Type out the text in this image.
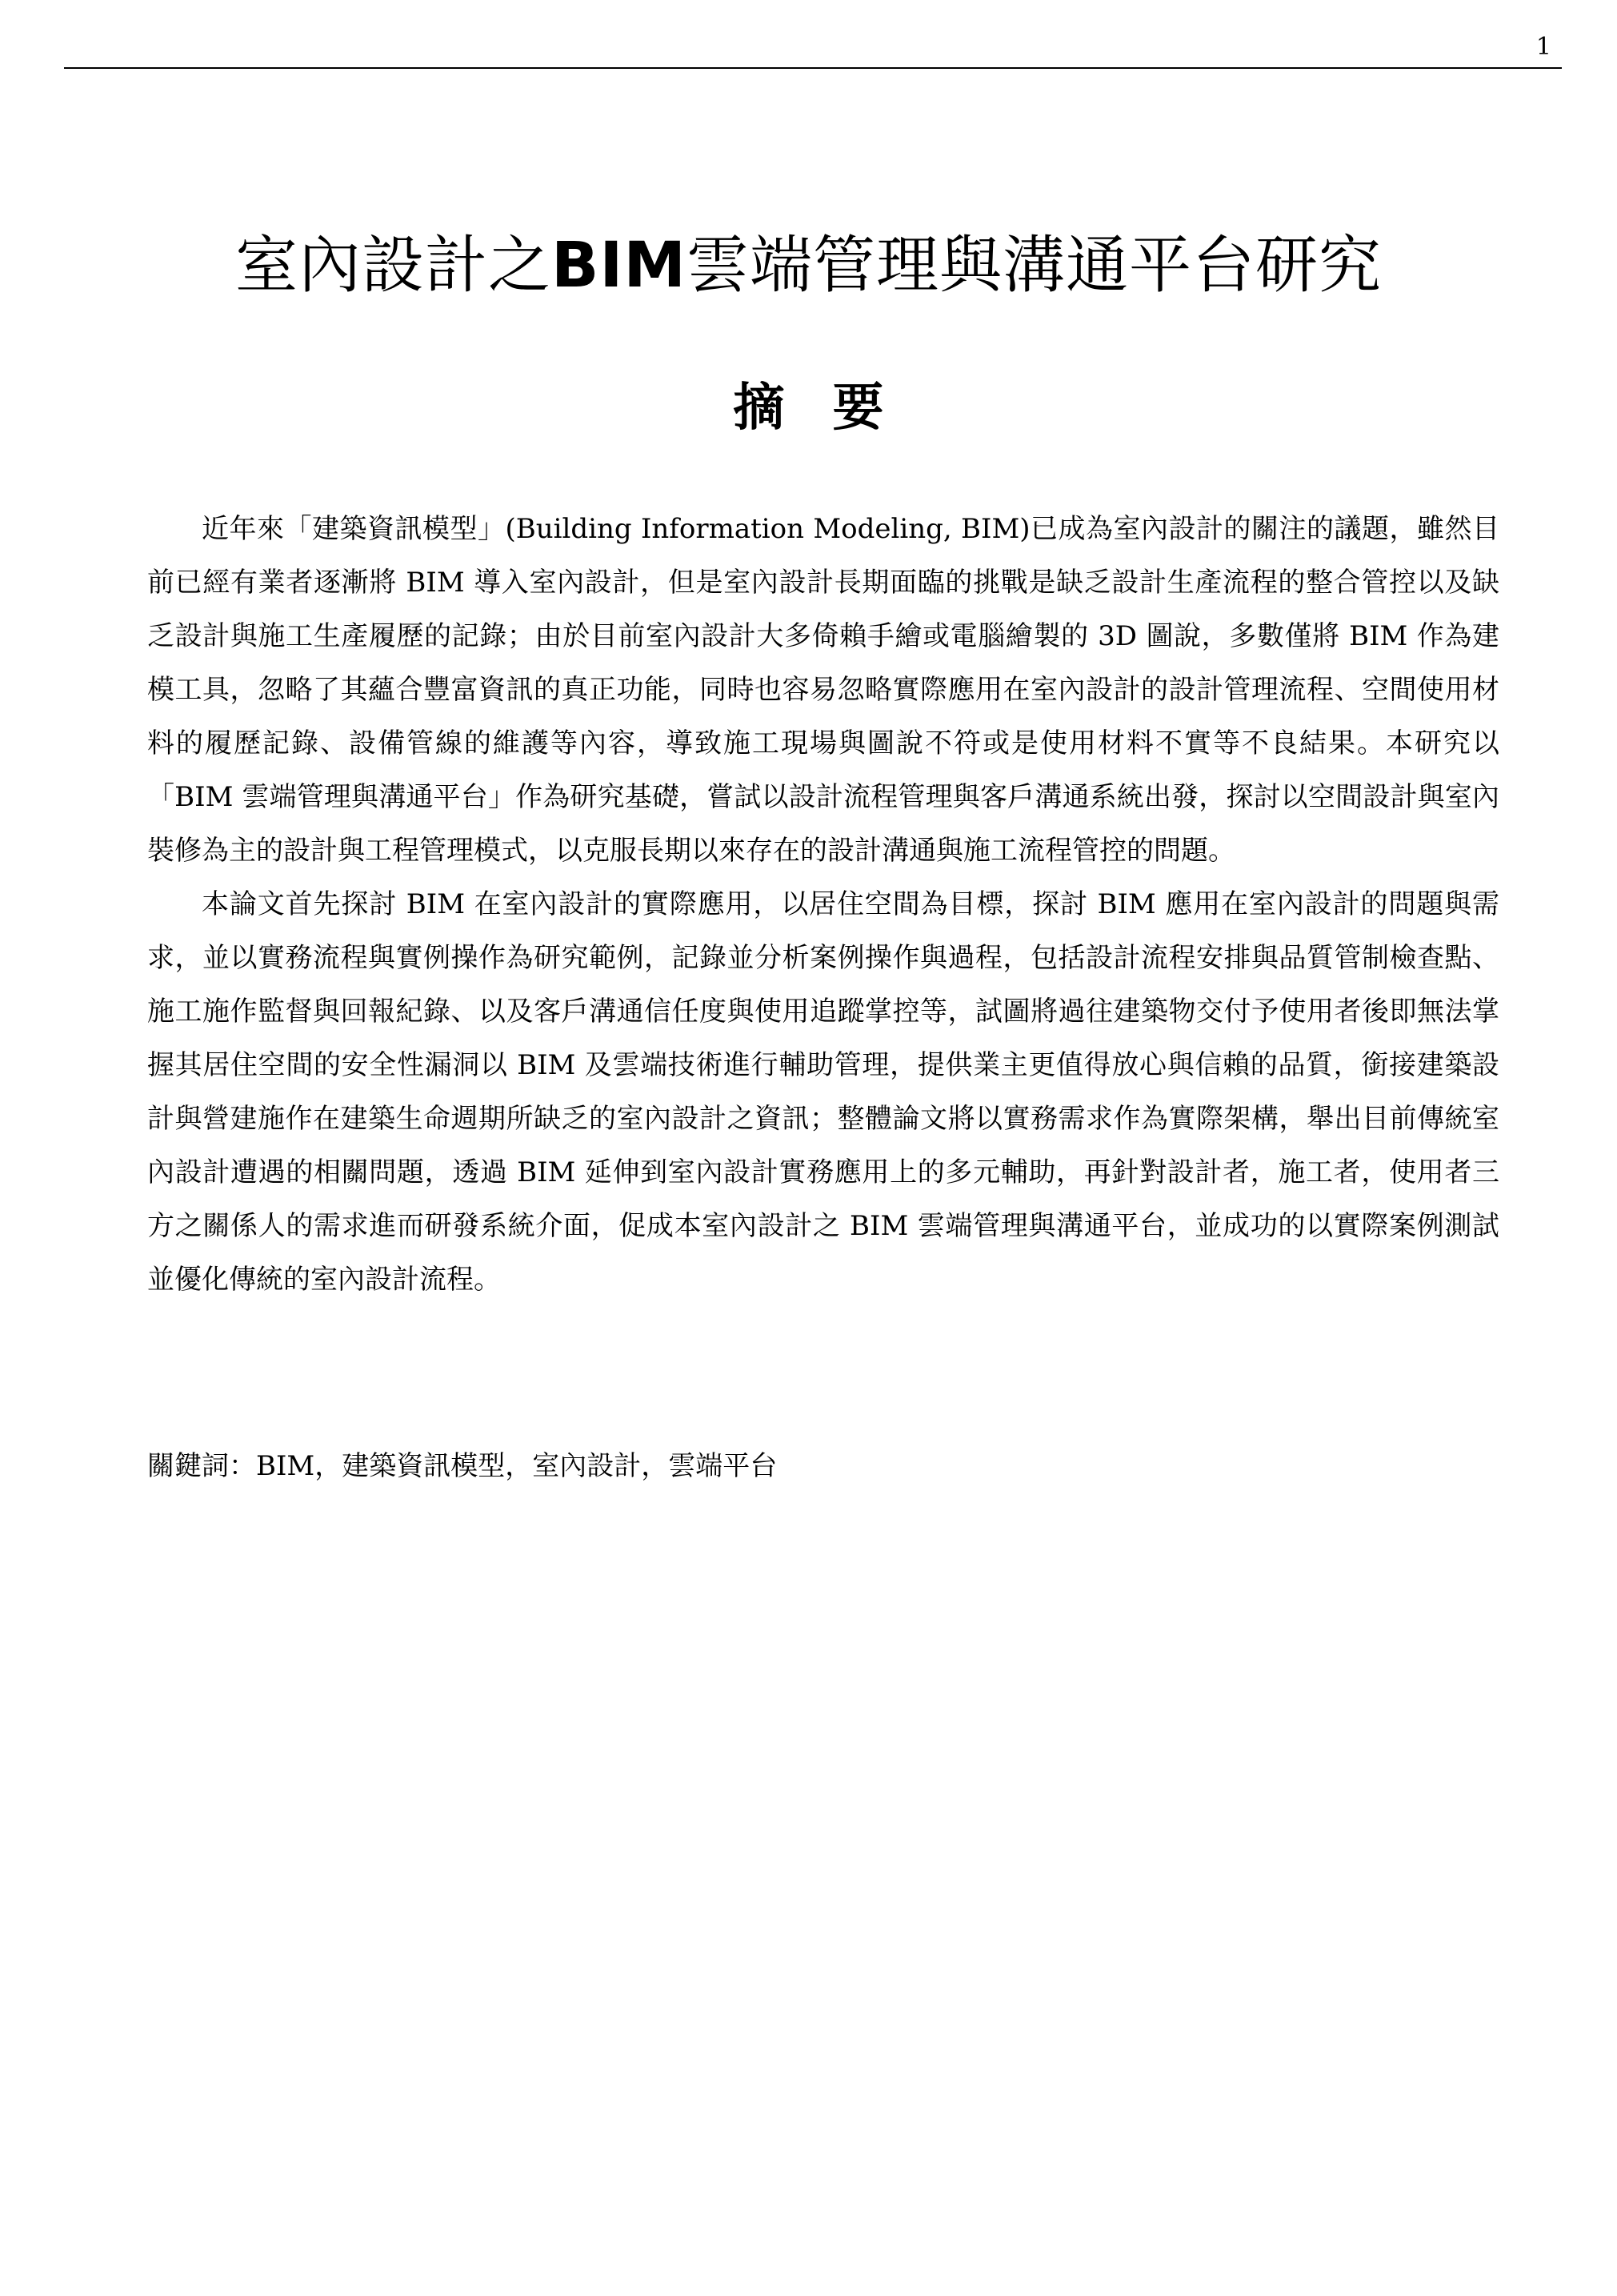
1
室內設計之BIM雲端管理與溝通平台研究
摘要

近年來「建築資訊模型」(Building Information Modeling, BIM)已成為室內設計的關注的議題，雖然目前已經有業者逐漸將 BIM 導入室內設計，但是室內設計長期面臨的挑戰是缺乏設計生產流程的整合管控以及缺乏設計與施工生產履歷的記錄；由於目前室內設計大多倚賴手繪或電腦繪製的 3D 圖說，多數僅將 BIM 作為建模工具，忽略了其蘊合豐富資訊的真正功能，同時也容易忽略實際應用在室內設計的設計管理流程、空間使用材料的履歷記錄、設備管線的維護等內容，導致施工現場與圖說不符或是使用材料不實等不良結果。本研究以「BIM 雲端管理與溝通平台」作為研究基礎，嘗試以設計流程管理與客戶溝通系統出發，探討以空間設計與室內裝修為主的設計與工程管理模式，以克服長期以來存在的設計溝通與施工流程管控的問題。

本論文首先探討 BIM 在室內設計的實際應用，以居住空間為目標，探討 BIM 應用在室內設計的問題與需求，並以實務流程與實例操作為研究範例，記錄並分析案例操作與過程，包括設計流程安排與品質管制檢查點、施工施作監督與回報紀錄、以及客戶溝通信任度與使用追蹤掌控等，試圖將過往建築物交付予使用者後即無法掌握其居住空間的安全性漏洞以 BIM 及雲端技術進行輔助管理，提供業主更值得放心與信賴的品質，銜接建築設計與營建施作在建築生命週期所缺乏的室內設計之資訊；整體論文將以實務需求作為實際架構，舉出目前傳統室內設計遭遇的相關問題，透過 BIM 延伸到室內設計實務應用上的多元輔助，再針對設計者，施工者，使用者三方之關係人的需求進而研發系統介面，促成本室內設計之 BIM 雲端管理與溝通平台，並成功的以實際案例測試並優化傳統的室內設計流程。

關鍵詞：BIM，建築資訊模型，室內設計，雲端平台
